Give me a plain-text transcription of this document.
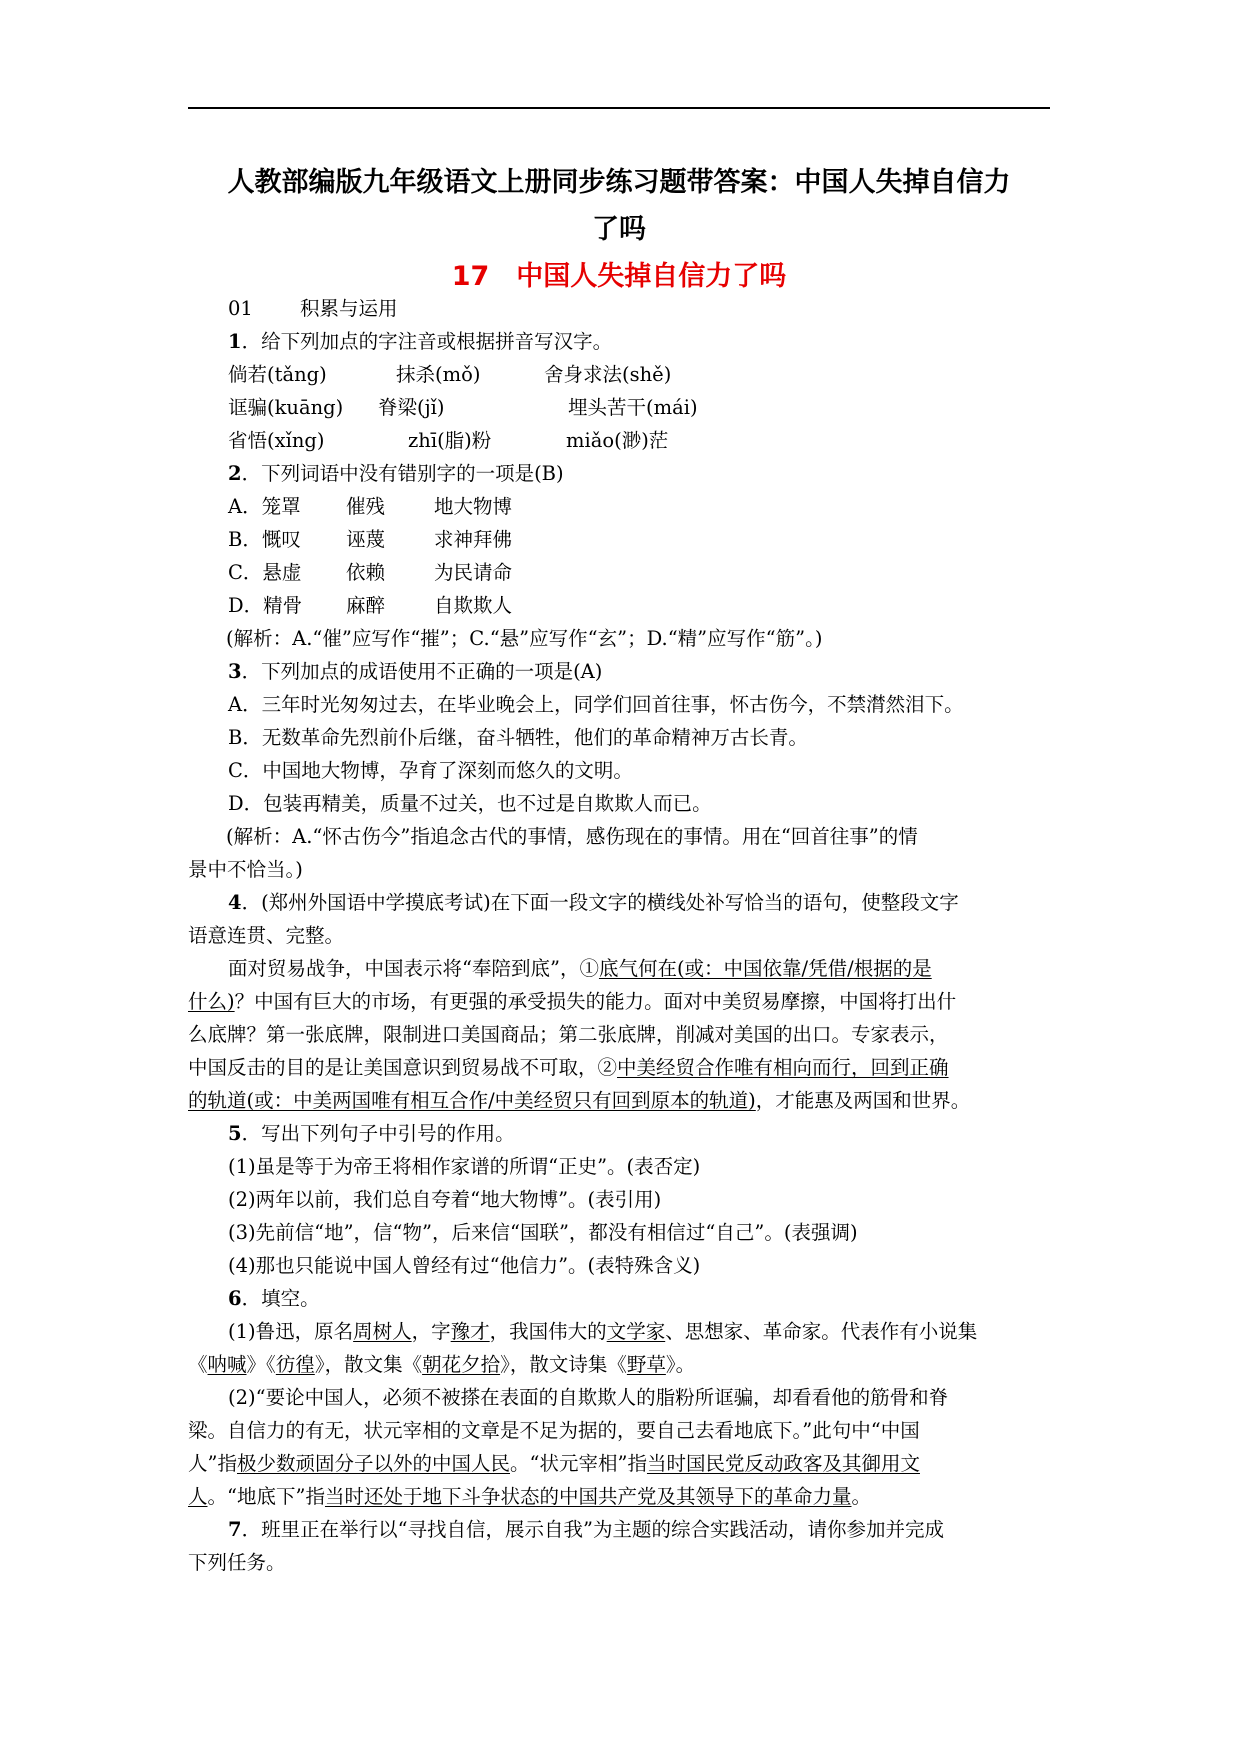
人教部编版九年级语文上册同步练习题带答案：中国人失掉自信力
了吗
17　中国人失掉自信力了吗
01 积累与运用
1．给下列加点的字注音或根据拼音写汉字。
倘若(tǎng)	抹杀(mǒ)	舍身求法(shě)
诓骗(kuāng) 脊梁(jǐ)	埋头苦干(mái)
省悟(xǐng)	zhī(脂)粉	miǎo(渺)茫
2．下列词语中没有错别字的一项是(B)
A．笼罩 催残	地大物博
B．慨叹 诬蔑	求神拜佛
C．悬虚 依赖	为民请命
D．精骨 麻醉	自欺欺人
(解析：A.“催”应写作“摧”；C.“悬”应写作“玄”；D.“精”应写作“筋”。)
3．下列加点的成语使用不正确的一项是(A)
A．三年时光匆匆过去，在毕业晚会上，同学们回首往事，怀古伤今，不禁潸然泪下。
B．无数革命先烈前仆后继，奋斗牺牲，他们的革命精神万古长青。
C．中国地大物博，孕育了深刻而悠久的文明。
D．包装再精美，质量不过关，也不过是自欺欺人而已。
(解析：A.“怀古伤今”指追念古代的事情，感伤现在的事情。用在“回首往事”的情
景中不恰当。)
4．(郑州外国语中学摸底考试)在下面一段文字的横线处补写恰当的语句，使整段文字
语意连贯、完整。
面对贸易战争，中国表示将“奉陪到底”，①底气何在(或：中国依靠/凭借/根据的是
什么)？中国有巨大的市场，有更强的承受损失的能力。面对中美贸易摩擦，中国将打出什
么底牌？第一张底牌，限制进口美国商品；第二张底牌，削减对美国的出口。专家表示，
中国反击的目的是让美国意识到贸易战不可取，②中美经贸合作唯有相向而行，回到正确
的轨道(或：中美两国唯有相互合作/中美经贸只有回到原本的轨道)，才能惠及两国和世界。
5．写出下列句子中引号的作用。
(1)虽是等于为帝王将相作家谱的所谓“正史”。(表否定)
(2)两年以前，我们总自夸着“地大物博”。(表引用)
(3)先前信“地”，信“物”，后来信“国联”，都没有相信过“自己”。(表强调)
(4)那也只能说中国人曾经有过“他信力”。(表特殊含义)
6．填空。
(1)鲁迅，原名周树人，字豫才，我国伟大的文学家、思想家、革命家。代表作有小说集
《呐喊》《彷徨》，散文集《朝花夕拾》，散文诗集《野草》。
(2)“要论中国人，必须不被搽在表面的自欺欺人的脂粉所诓骗，却看看他的筋骨和脊
梁。自信力的有无，状元宰相的文章是不足为据的，要自己去看地底下。”此句中“中国
人”指极少数顽固分子以外的中国人民。“状元宰相”指当时国民党反动政客及其御用文
人。“地底下”指当时还处于地下斗争状态的中国共产党及其领导下的革命力量。
7．班里正在举行以“寻找自信，展示自我”为主题的综合实践活动，请你参加并完成
下列任务。
